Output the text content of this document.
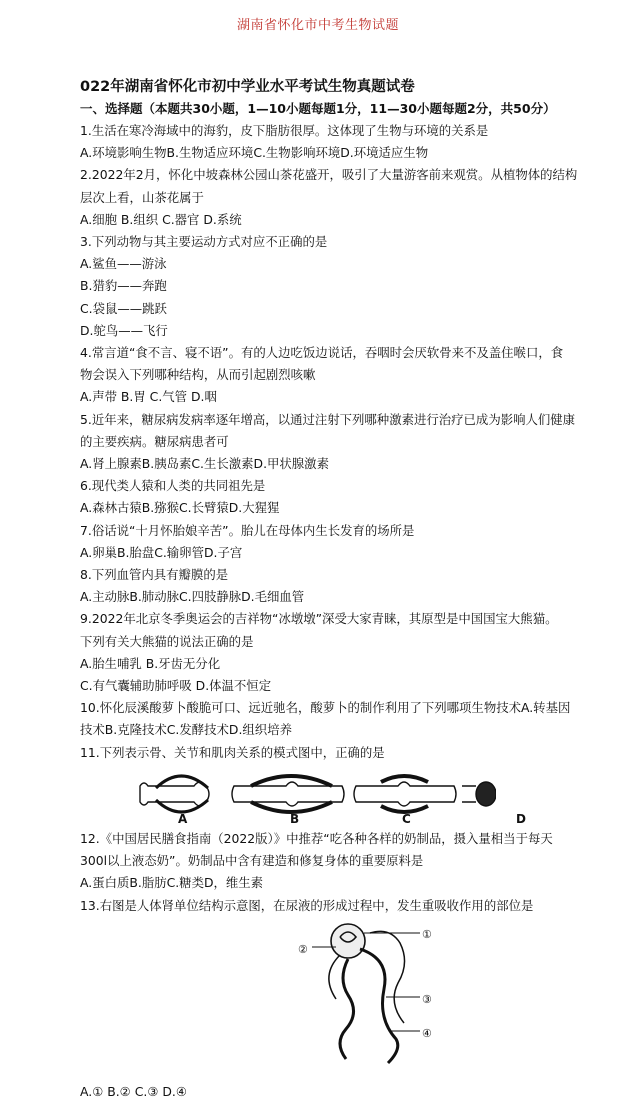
湖南省怀化市中考生物试题
022年湖南省怀化市初中学业水平考试生物真题试卷
一、选择题（本题共30小题，1—10小题每题1分，11—30小题每题2分，共50分）
1.生活在寒冷海域中的海豹，皮下脂肪很厚。这体现了生物与环境的关系是
A.环境影响生物B.生物适应环境C.生物影响环境D.环境适应生物
2.2022年2月，怀化中坡森林公园山茶花盛开，吸引了大量游客前来观赏。从植物体的结构
层次上看，山茶花属于
A.细胞 B.组织 C.器官 D.系统
3.下列动物与其主要运动方式对应不正确的是
A.鲨鱼——游泳
B.猎豹——奔跑
C.袋鼠——跳跃
D.鸵鸟——飞行
4.常言道“食不言、寝不语”。有的人边吃饭边说话，吞咽时会厌软骨来不及盖住喉口，食
物会误入下列哪种结构，从而引起剧烈咳嗽
A.声带 B.胃 C.气管 D.咽
5.近年来，糖尿病发病率逐年增高，以通过注射下列哪种激素进行治疗已成为影响人们健康
的主要疾病。糖尿病患者可
A.肾上腺素B.胰岛素C.生长激素D.甲状腺激素
6.现代类人猿和人类的共同祖先是
A.森林古猿B.猕猴C.长臂猿D.大猩猩
7.俗话说“十月怀胎娘辛苦”。胎儿在母体内生长发育的场所是
A.卵巢B.胎盘C.输卵管D.子宫
8.下列血管内具有瓣膜的是
A.主动脉B.肺动脉C.四肢静脉D.毛细血管
9.2022年北京冬季奥运会的吉祥物“冰墩墩”深受大家青睐，其原型是中国国宝大熊猫。
下列有关大熊猫的说法正确的是
A.胎生哺乳 B.牙齿无分化
C.有气囊辅助肺呼吸 D.体温不恒定
10.怀化辰溪酸萝卜酸脆可口、远近驰名，酸萝卜的制作利用了下列哪项生物技术A.转基因
技术B.克隆技术C.发酵技术D.组织培养
11.下列表示骨、关节和肌肉关系的模式图中，正确的是
A	B	C	D
12.《中国居民膳食指南（2022版）》中推荐“吃各种各样的奶制品，摄入量相当于每天
300l以上液态奶”。奶制品中含有建造和修复身体的重要原料是
A.蛋白质B.脂肪C.糖类D，维生素
13.右图是人体肾单位结构示意图，在尿液的形成过程中，发生重吸收作用的部位是
①
②
③
④
A.① B.② C.③ D.④
